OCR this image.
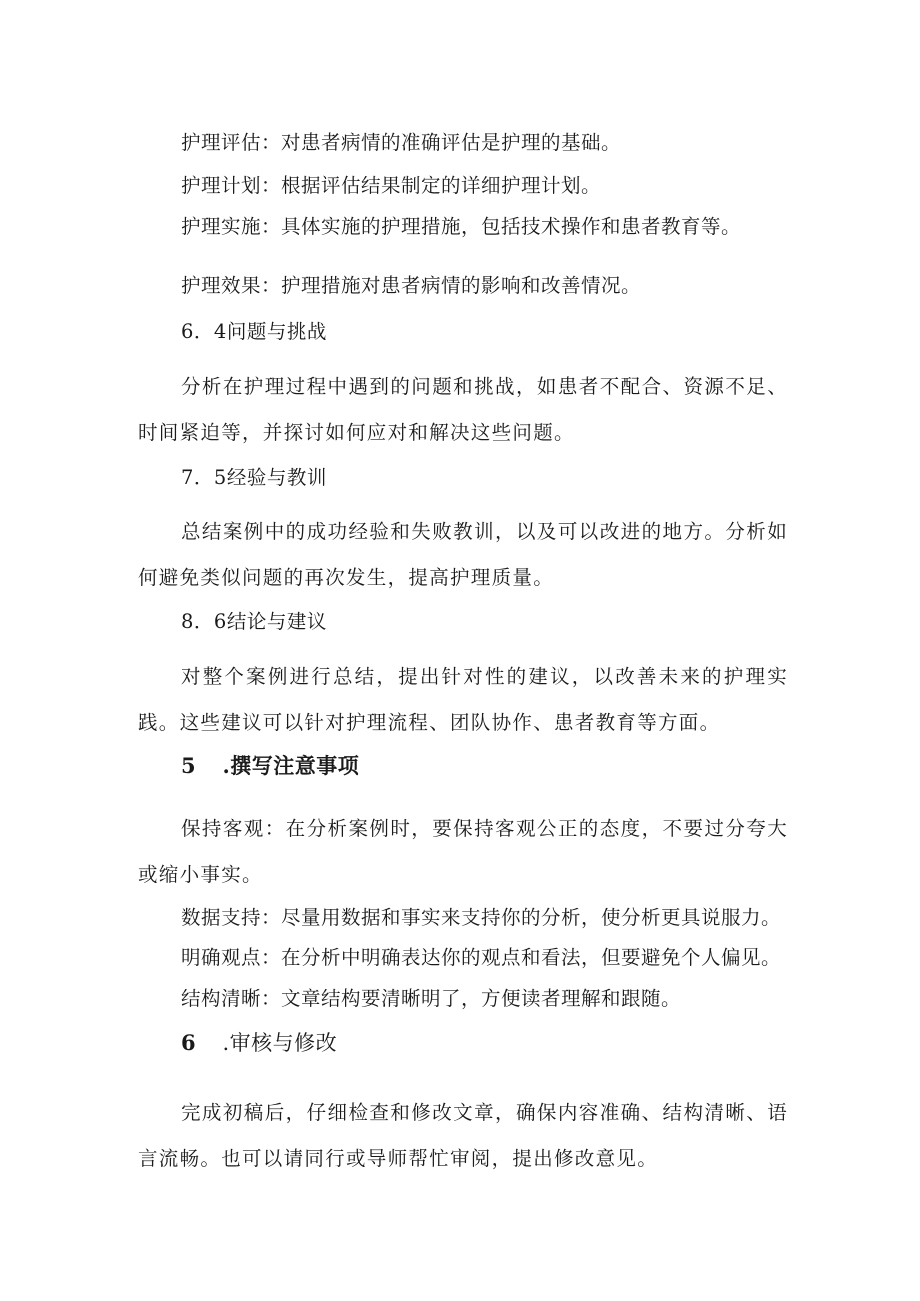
护理评估：对患者病情的准确评估是护理的基础。
护理计划：根据评估结果制定的详细护理计划。
护理实施：具体实施的护理措施，包括技术操作和患者教育等。
护理效果：护理措施对患者病情的影响和改善情况。
6．4问题与挑战
分析在护理过程中遇到的问题和挑战，如患者不配合、资源不足、时间紧迫等，并探讨如何应对和解决这些问题。
7．5经验与教训
总结案例中的成功经验和失败教训，以及可以改进的地方。分析如何避免类似问题的再次发生，提高护理质量。
8．6结论与建议
对整个案例进行总结，提出针对性的建议，以改善未来的护理实践。这些建议可以针对护理流程、团队协作、患者教育等方面。
5 .撰写注意事项
保持客观：在分析案例时，要保持客观公正的态度，不要过分夸大或缩小事实。
数据支持：尽量用数据和事实来支持你的分析，使分析更具说服力。
明确观点：在分析中明确表达你的观点和看法，但要避免个人偏见。
结构清晰：文章结构要清晰明了，方便读者理解和跟随。
6 .审核与修改
完成初稿后，仔细检查和修改文章，确保内容准确、结构清晰、语言流畅。也可以请同行或导师帮忙审阅，提出修改意见。
